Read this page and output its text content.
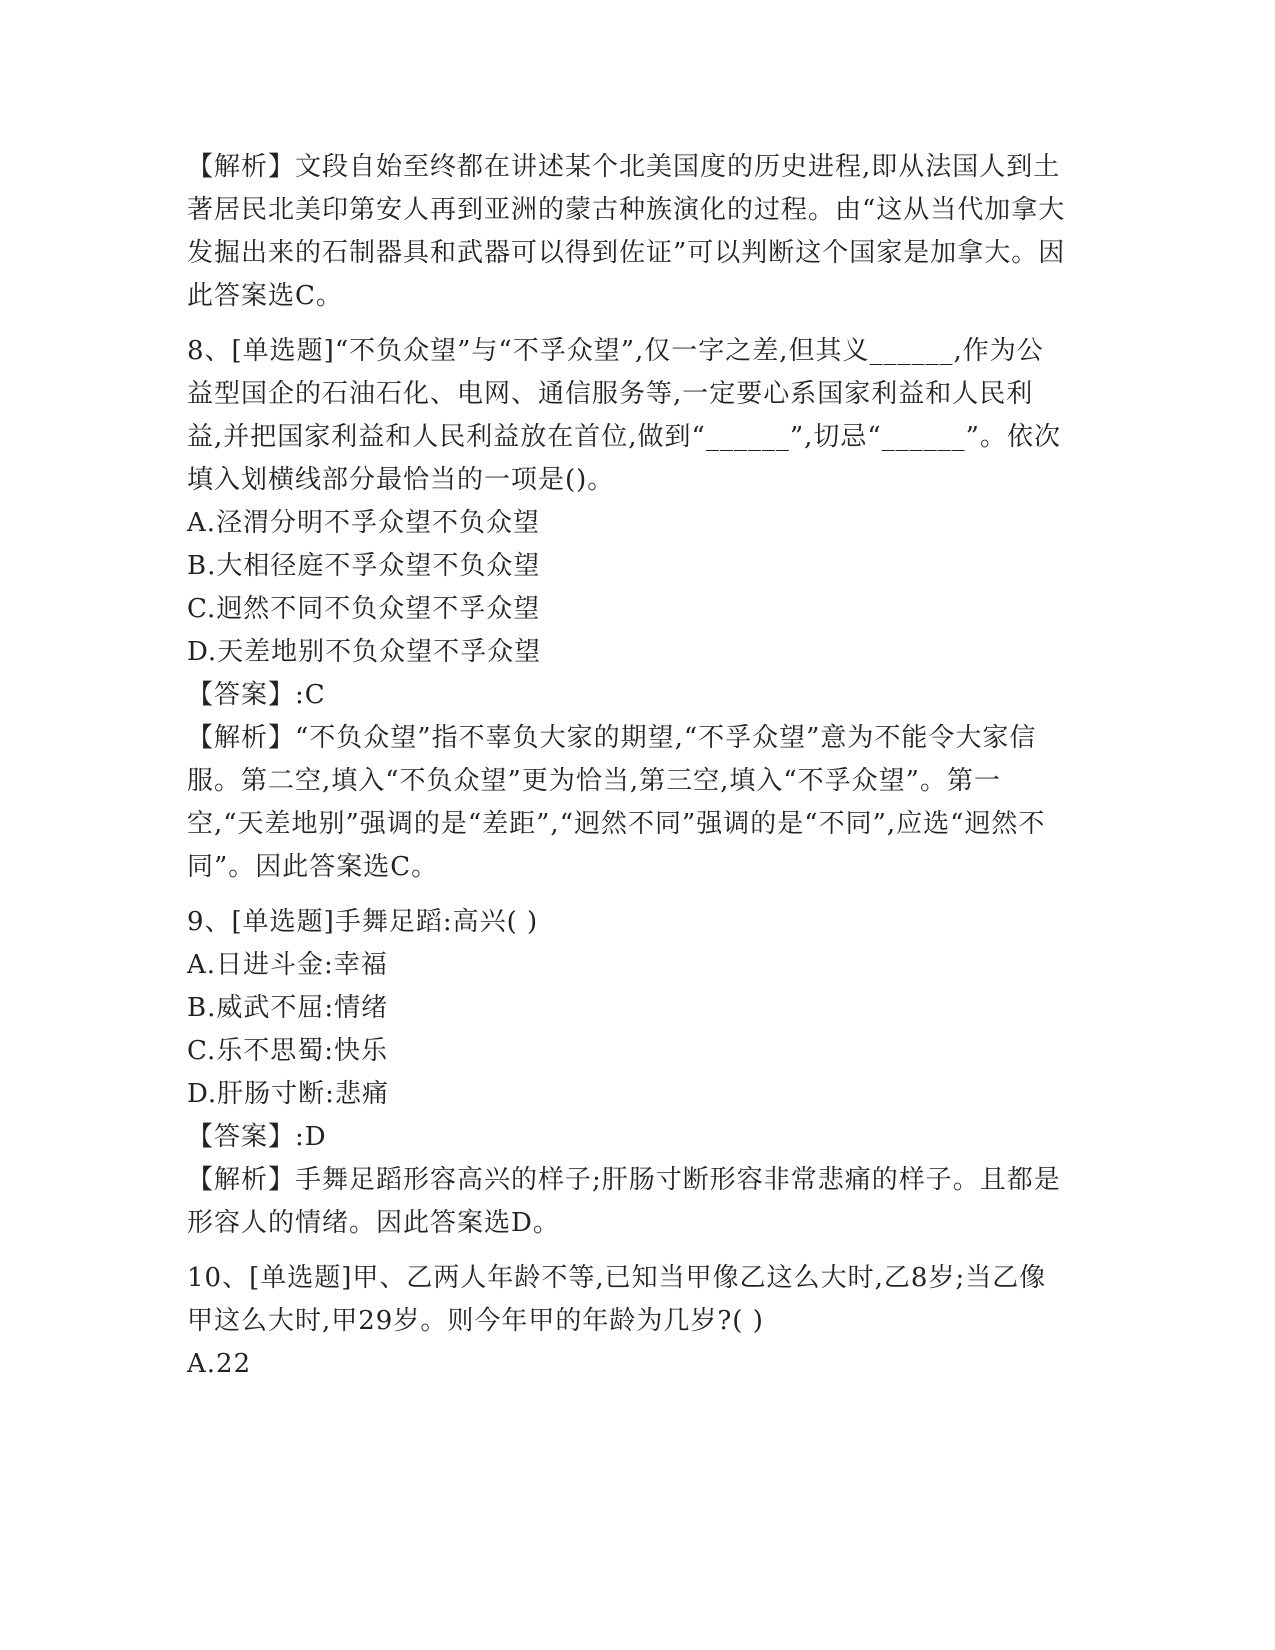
【解析】文段自始至终都在讲述某个北美国度的历史进程,即从法国人到土著居民北美印第安人再到亚洲的蒙古种族演化的过程。由“这从当代加拿大发掘出来的石制器具和武器可以得到佐证”可以判断这个国家是加拿大。因此答案选C。

8、[单选题]“不负众望”与“不孚众望”,仅一字之差,但其义______,作为公益型国企的石油石化、电网、通信服务等,一定要心系国家利益和人民利益,并把国家利益和人民利益放在首位,做到“______”,切忌“______”。依次填入划横线部分最恰当的一项是()。

A.泾渭分明不孚众望不负众望

B.大相径庭不孚众望不负众望

C.迥然不同不负众望不孚众望

D.天差地别不负众望不孚众望

【答案】:C

【解析】“不负众望”指不辜负大家的期望,“不孚众望”意为不能令大家信服。第二空,填入“不负众望”更为恰当,第三空,填入“不孚众望”。第一空,“天差地别”强调的是“差距”,“迥然不同”强调的是“不同”,应选“迥然不同”。因此答案选C。

9、[单选题]手舞足蹈:高兴( )

A.日进斗金:幸福

B.威武不屈:情绪

C.乐不思蜀:快乐

D.肝肠寸断:悲痛

【答案】:D

【解析】手舞足蹈形容高兴的样子;肝肠寸断形容非常悲痛的样子。且都是形容人的情绪。因此答案选D。

10、[单选题]甲、乙两人年龄不等,已知当甲像乙这么大时,乙8岁;当乙像甲这么大时,甲29岁。则今年甲的年龄为几岁?( )

A.22
